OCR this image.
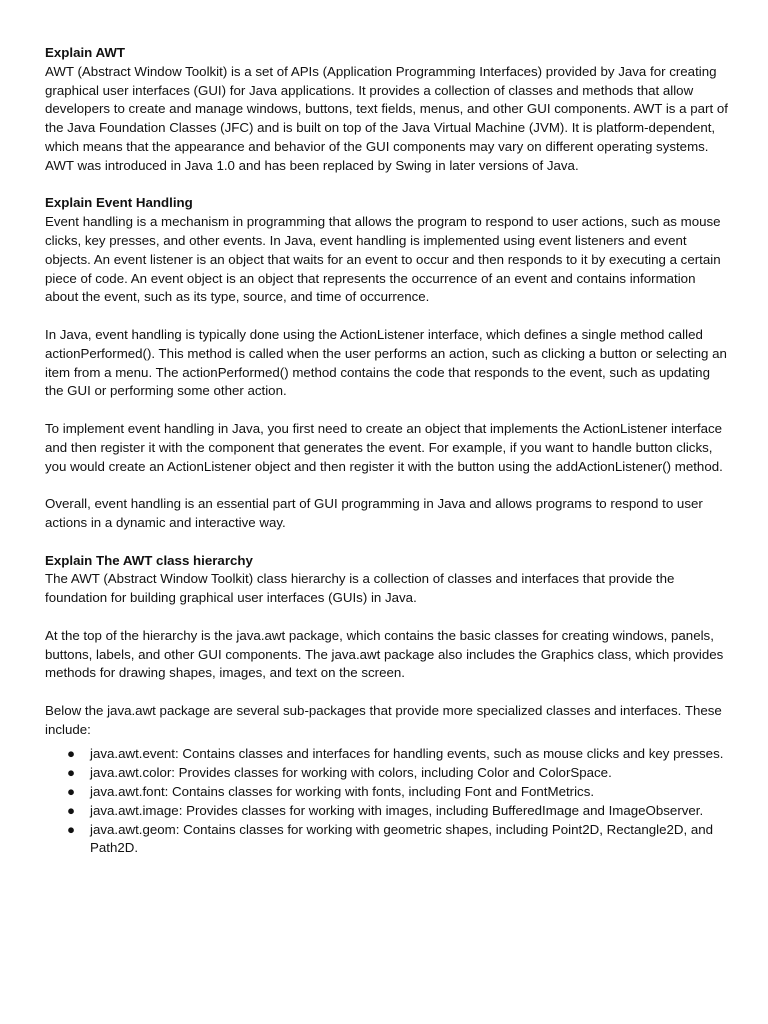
Explain AWT

AWT (Abstract Window Toolkit) is a set of APIs (Application Programming Interfaces) provided by Java for creating graphical user interfaces (GUI) for Java applications. It provides a collection of classes and methods that allow developers to create and manage windows, buttons, text fields, menus, and other GUI components. AWT is a part of the Java Foundation Classes (JFC) and is built on top of the Java Virtual Machine (JVM). It is platform-dependent, which means that the appearance and behavior of the GUI components may vary on different operating systems. AWT was introduced in Java 1.0 and has been replaced by Swing in later versions of Java.

Explain Event Handling

Event handling is a mechanism in programming that allows the program to respond to user actions, such as mouse clicks, key presses, and other events. In Java, event handling is implemented using event listeners and event objects. An event listener is an object that waits for an event to occur and then responds to it by executing a certain piece of code. An event object is an object that represents the occurrence of an event and contains information about the event, such as its type, source, and time of occurrence.

In Java, event handling is typically done using the ActionListener interface, which defines a single method called actionPerformed(). This method is called when the user performs an action, such as clicking a button or selecting an item from a menu. The actionPerformed() method contains the code that responds to the event, such as updating the GUI or performing some other action.

To implement event handling in Java, you first need to create an object that implements the ActionListener interface and then register it with the component that generates the event. For example, if you want to handle button clicks, you would create an ActionListener object and then register it with the button using the addActionListener() method.

Overall, event handling is an essential part of GUI programming in Java and allows programs to respond to user actions in a dynamic and interactive way.

Explain The AWT class hierarchy

The AWT (Abstract Window Toolkit) class hierarchy is a collection of classes and interfaces that provide the foundation for building graphical user interfaces (GUIs) in Java.

At the top of the hierarchy is the java.awt package, which contains the basic classes for creating windows, panels, buttons, labels, and other GUI components. The java.awt package also includes the Graphics class, which provides methods for drawing shapes, images, and text on the screen.

Below the java.awt package are several sub-packages that provide more specialized classes and interfaces. These include:

● java.awt.event: Contains classes and interfaces for handling events, such as mouse clicks and key presses.
● java.awt.color: Provides classes for working with colors, including Color and ColorSpace.
● java.awt.font: Contains classes for working with fonts, including Font and FontMetrics.
● java.awt.image: Provides classes for working with images, including BufferedImage and ImageObserver.
● java.awt.geom: Contains classes for working with geometric shapes, including Point2D, Rectangle2D, and Path2D.
